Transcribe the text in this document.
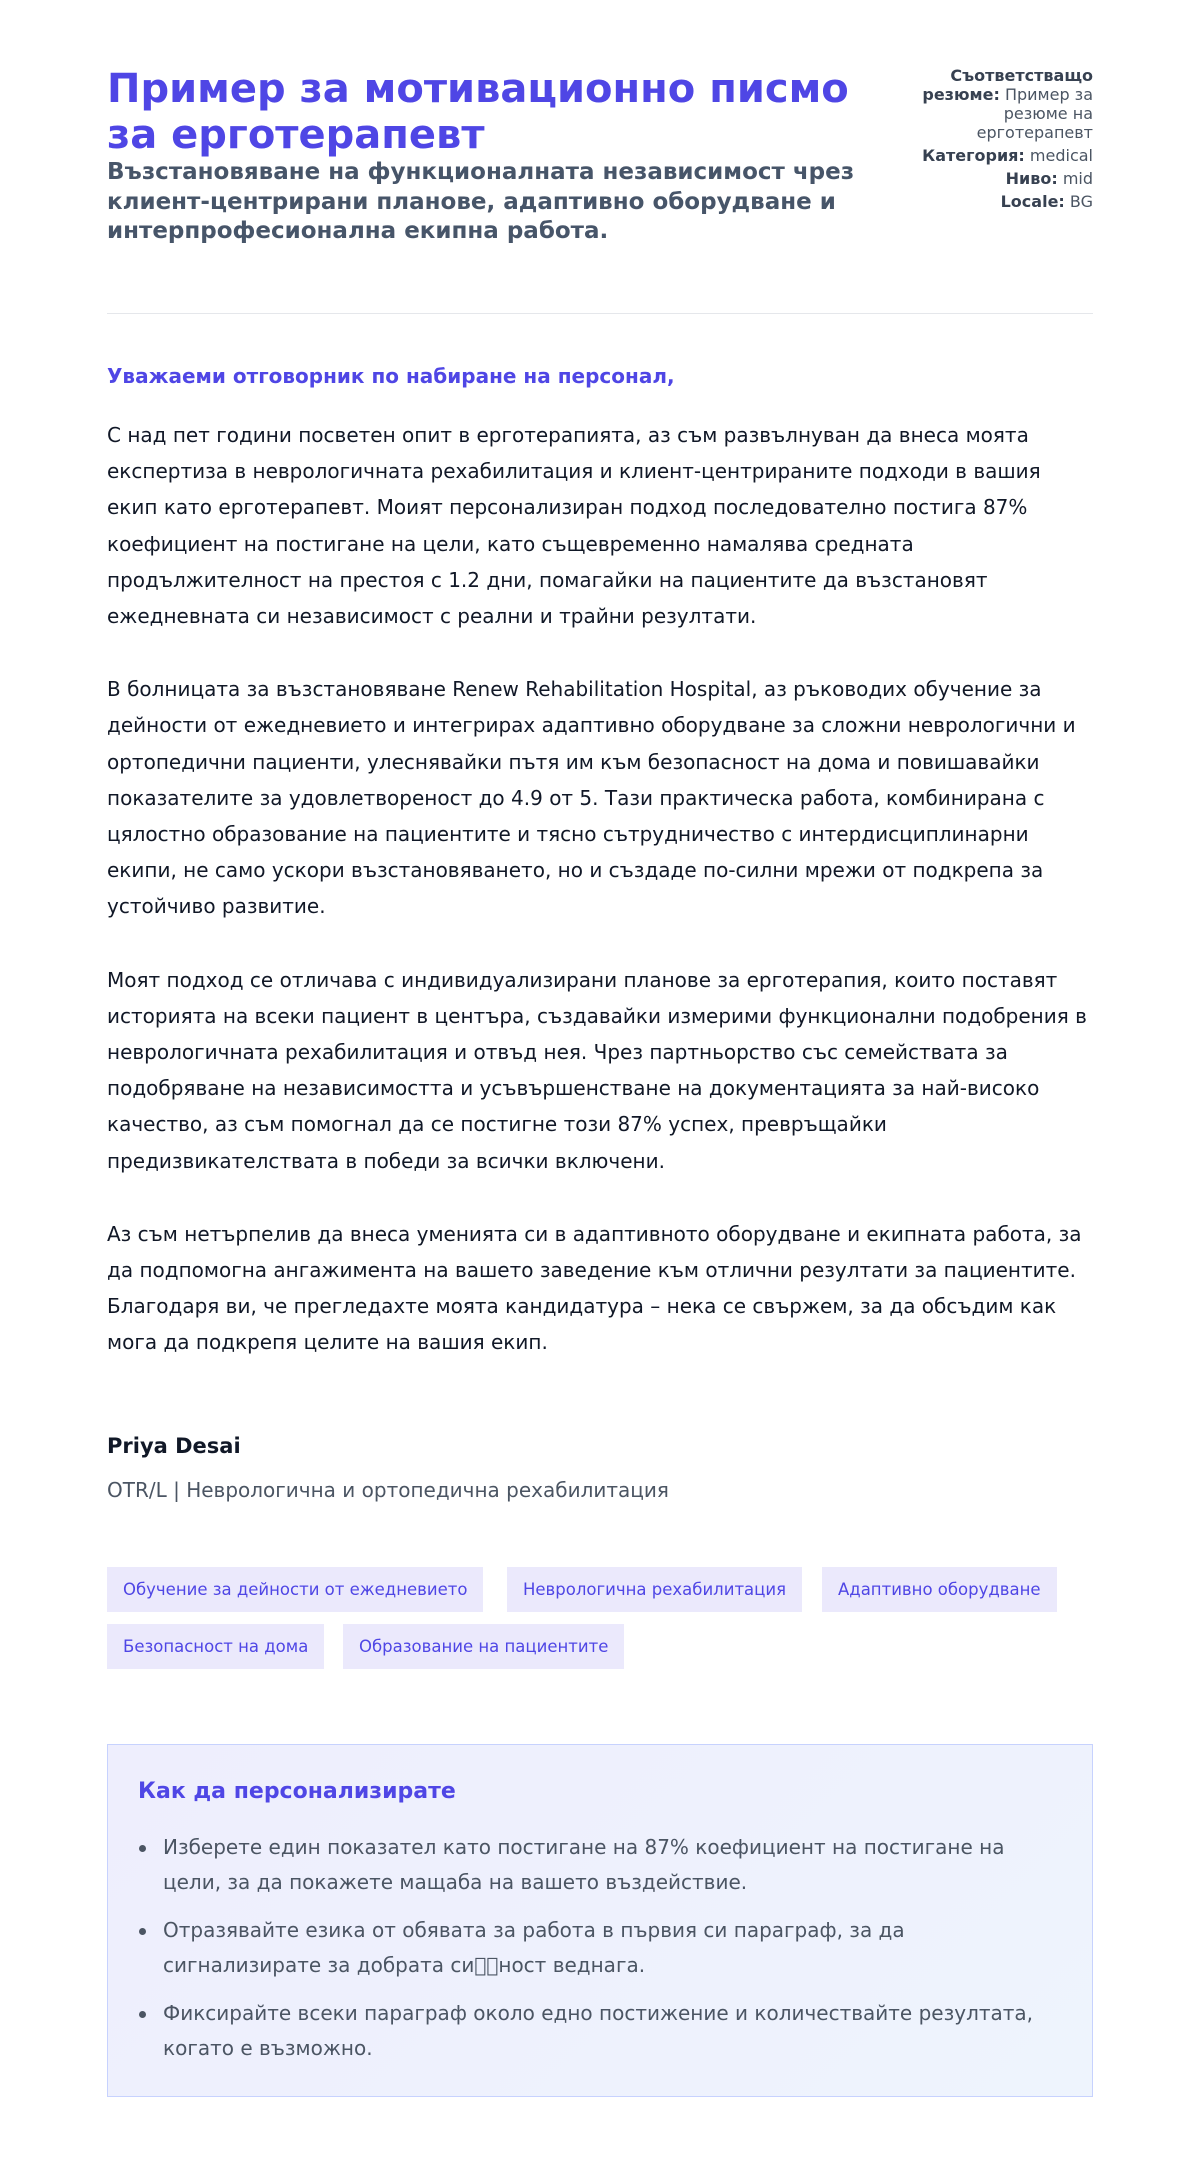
Пример за мотивационно писмо за ерготерапевт
Възстановяване на функционалната независимост чрез клиент-центрирани планове, адаптивно оборудване и интерпрофесионална екипна работа.
Съответстващо резюме: Пример за резюме на ерготерапевт
Категория: medical
Ниво: mid
Locale: BG
Уважаеми отговорник по набиране на персонал,

С над пет години посветен опит в ерготерапията, аз съм развълнуван да внеса моята експертиза в неврологичната рехабилитация и клиент-центрираните подходи в вашия екип като ерготерапевт. Моият персонализиран подход последователно постига 87% коефициент на постигане на цели, като същевременно намалява средната продължителност на престоя с 1.2 дни, помагайки на пациентите да възстановят ежедневната си независимост с реални и трайни резултати.

В болницата за възстановяване Renew Rehabilitation Hospital, аз ръководих обучение за дейности от ежедневието и интегрирах адаптивно оборудване за сложни неврологични и ортопедични пациенти, улеснявайки пътя им към безопасност на дома и повишавайки показателите за удовлетвореност до 4.9 от 5. Тази практическа работа, комбинирана с цялостно образование на пациентите и тясно сътрудничество с интердисциплинарни екипи, не само ускори възстановяването, но и създаде по-силни мрежи от подкрепа за устойчиво развитие.

Моят подход се отличава с индивидуализирани планове за ерготерапия, които поставят историята на всеки пациент в центъра, създавайки измерими функционални подобрения в неврологичната рехабилитация и отвъд нея. Чрез партньорство със семействата за подобряване на независимостта и усъвършенстване на документацията за най-високо качество, аз съм помогнал да се постигне този 87% успех, превръщайки предизвикателствата в победи за всички включени.

Аз съм нетърпелив да внеса уменията си в адаптивното оборудване и екипната работа, за да подпомогна ангажимента на вашето заведение към отлични резултати за пациентите. Благодаря ви, че прегледахте моята кандидатура – нека се свържем, за да обсъдим как мога да подкрепя целите на вашия екип.

Priya Desai
OTR/L | Неврологична и ортопедична рехабилитация
Обучение за дейности от ежедневието	Неврологична рехабилитация	Адаптивно оборудване
Безопасност на дома	Образование на пациентите
Как да персонализирате
Изберете един показател като постигане на 87% коефициент на постигане на цели, за да покажете мащаба на вашето въздействие.
Отразявайте езика от обявата за работа в първия си параграф, за да сигнализирате за добрата си  ност веднага.
Фиксирайте всеки параграф около едно постижение и количествайте резултата, когато е възможно.
